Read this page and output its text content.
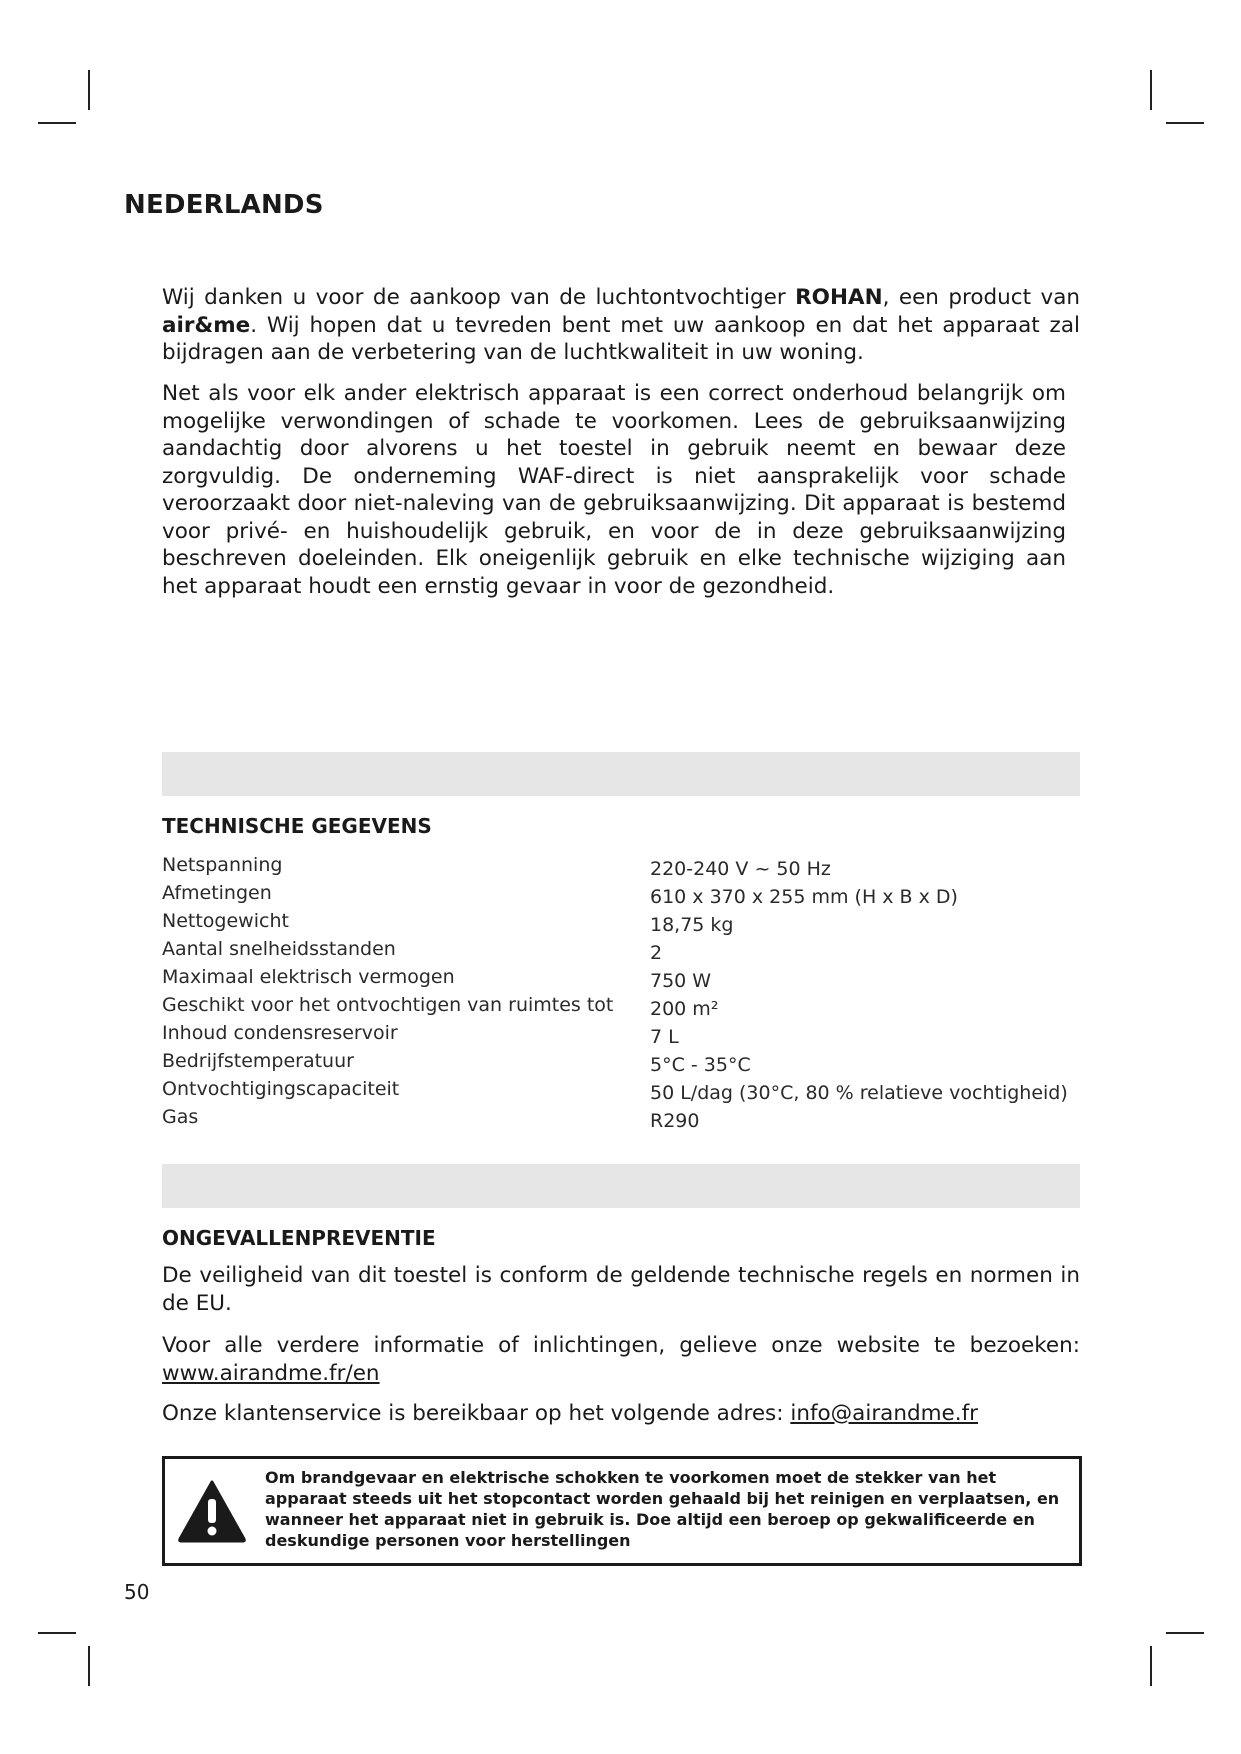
NEDERLANDS

Wij danken u voor de aankoop van de luchtontvochtiger ROHAN, een product van air&me. Wij hopen dat u tevreden bent met uw aankoop en dat het apparaat zal bijdragen aan de verbetering van de luchtkwaliteit in uw woning.

Net als voor elk ander elektrisch apparaat is een correct onderhoud belangrijk om mogelijke verwondingen of schade te voorkomen. Lees de gebruiksaanwijzing aandachtig door alvorens u het toestel in gebruik neemt en bewaar deze zorgvuldig. De onderneming WAF-direct is niet aansprakelijk voor schade veroorzaakt door niet-naleving van de gebruiksaanwijzing. Dit apparaat is bestemd voor privé- en huishoudelijk gebruik, en voor de in deze gebruiksaanwijzing beschreven doeleinden. Elk oneigenlijk gebruik en elke technische wijziging aan het apparaat houdt een ernstig gevaar in voor de gezondheid.

TECHNISCHE GEGEVENS
Netspanning	220-240 V ~ 50 Hz
Afmetingen	610 x 370 x 255 mm (H x B x D)
Nettogewicht	18,75 kg
Aantal snelheidsstanden	2
Maximaal elektrisch vermogen	750 W
Geschikt voor het ontvochtigen van ruimtes tot 200 m²
Inhoud condensreservoir	7 L
Bedrijfstemperatuur	5°C - 35°C
Ontvochtigingscapaciteit	50 L/dag (30°C, 80 % relatieve vochtigheid)
Gas	R290
ONGEVALLENPREVENTIE

De veiligheid van dit toestel is conform de geldende technische regels en normen in de EU.

Voor alle verdere informatie of inlichtingen, gelieve onze website te bezoeken: www.airandme.fr/en

Onze klantenservice is bereikbaar op het volgende adres: info@airandme.fr

Om brandgevaar en elektrische schokken te voorkomen moet de stekker van het apparaat steeds uit het stopcontact worden gehaald bij het reinigen en verplaatsen, en wanneer het apparaat niet in gebruik is. Doe altijd een beroep op gekwalificeerde en deskundige personen voor herstellingen

50
